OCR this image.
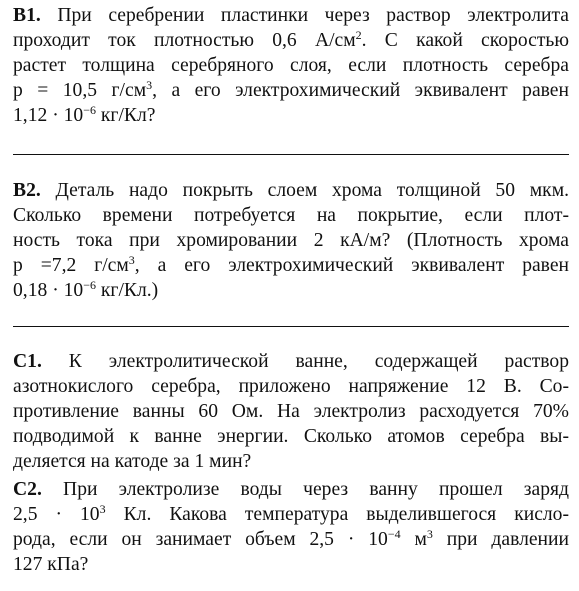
B1. При серебрении пластинки через раствор электролита
проходит ток плотностью 0,6 $А/см^2$. С какой скоростью
растет толщина серебряного слоя, если плотность серебра
p = 10,5 $г/см^3$, а его электрохимический эквивалент равен
$1,12 \cdot 10^{-6}$ кг/Кл?
B2. Деталь надо покрыть слоем хрома толщиной 50 мкм.
Сколько времени потребуется на покрытие, если плот-
ность тока при хромировании 2 кА/м? (Плотность хрома
p =7,2 $г/см^3$, а его электрохимический эквивалент равен
$0,18 \cdot 10^{-6}$ кг/Кл.)
C1. К электролитической ванне, содержащей раствор
азотнокислого серебра, приложено напряжение 12 В. Со-
противление ванны 60 Ом. На электролиз расходуется 70%
подводимой к ванне энергии. Сколько атомов серебра вы-
деляется на катоде за 1 мин?
C2. При электролизе воды через ванну прошел заряд
$2,5 \cdot 10^3$ Кл. Какова температура выделившегося кисло-
рода, если он занимает объем $2,5 \cdot 10^{-4}$ $м^3$ при давлении
127 кПа?
